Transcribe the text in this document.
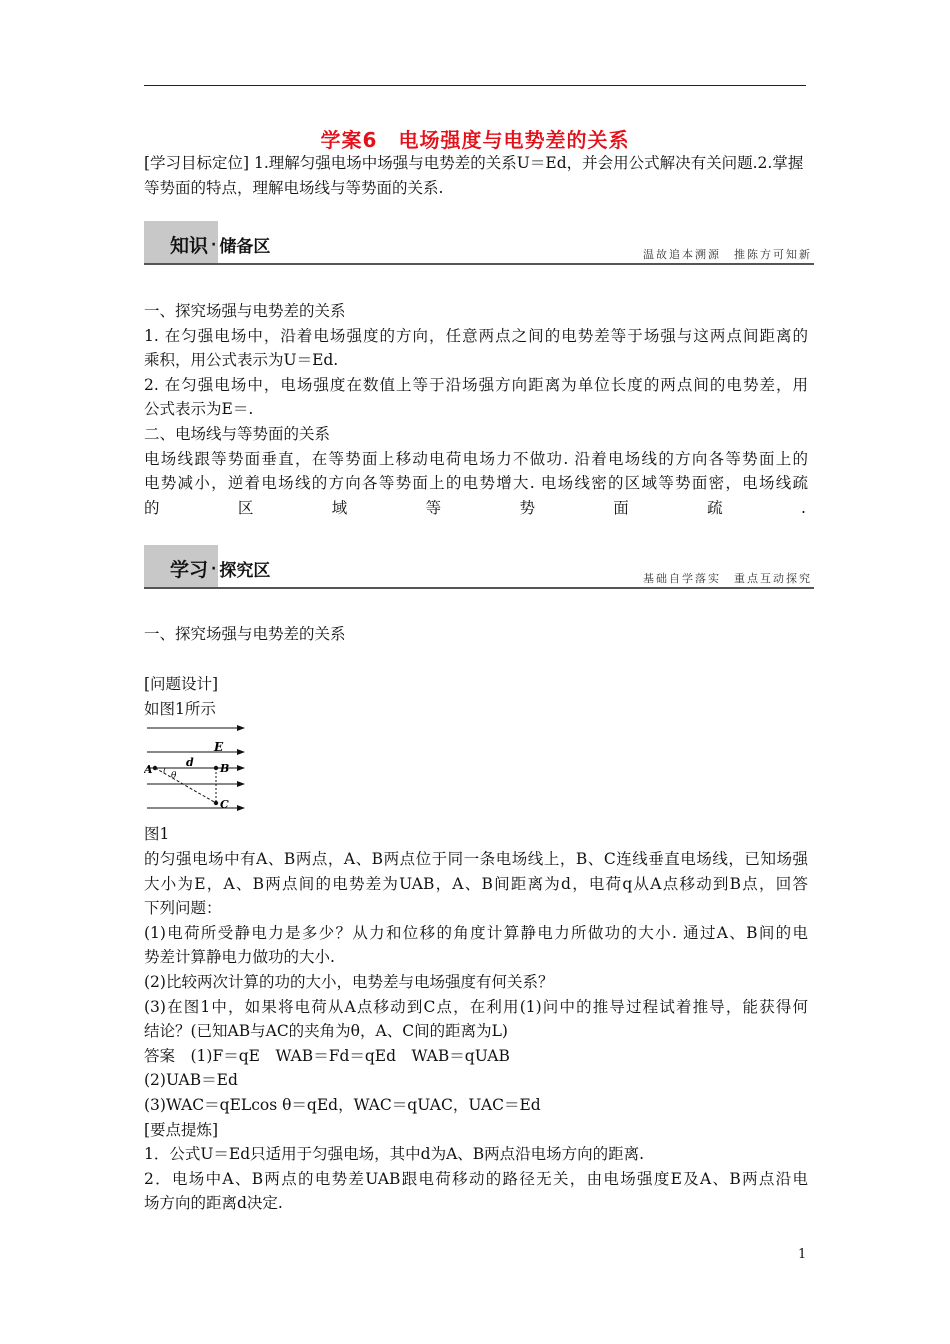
学案6　电场强度与电势差的关系

[学习目标定位] 1.理解匀强电场中场强与电势差的关系U＝Ed，并会用公式解决有关问题.2.掌握等势面的特点，理解电场线与等势面的关系.

知识 · 储备区	温故追本溯源　推陈方可知新
一、探究场强与电势差的关系
1. 在匀强电场中，沿着电场强度的方向，任意两点之间的电势差等于场强与这两点间距离的
乘积，用公式表示为U＝Ed.
2. 在匀强电场中，电场强度在数值上等于沿场强方向距离为单位长度的两点间的电势差，用
公式表示为E＝.
二、电场线与等势面的关系
电场线跟等势面垂直，在等势面上移动电荷电场力不做功. 沿着电场线的方向各等势面上的
电势减小，逆着电场线的方向各等势面上的电势增大. 电场线密的区域等势面密，电场线疏
的	区	域	等	势	面	疏	.
学习 · 探究区	基础自学落实　重点互动探究
一、探究场强与电势差的关系
[问题设计]
如图1所示
E
d
A	B
C
θ
图1
的匀强电场中有A、B两点，A、B两点位于同一条电场线上，B、C连线垂直电场线，已知场强
大小为E，A、B两点间的电势差为UAB，A、B间距离为d，电荷q从A点移动到B点，回答
下列问题：
(1)电荷所受静电力是多少？从力和位移的角度计算静电力所做功的大小. 通过A、B间的电
势差计算静电力做功的大小.
(2)比较两次计算的功的大小，电势差与电场强度有何关系？
(3)在图1中，如果将电荷从A点移动到C点，在利用(1)问中的推导过程试着推导，能获得何
结论？(已知AB与AC的夹角为θ，A、C间的距离为L)
答案　(1)F＝qE　WAB＝Fd＝qEd　WAB＝qUAB
(2)UAB＝Ed
(3)WAC＝qELcos θ＝qEd，WAC＝qUAC，UAC＝Ed
[要点提炼]
1．公式U＝Ed只适用于匀强电场，其中d为A、B两点沿电场方向的距离.
2．电场中A、B两点的电势差UAB跟电荷移动的路径无关，由电场强度E及A、B两点沿电
场方向的距离d决定.
1
